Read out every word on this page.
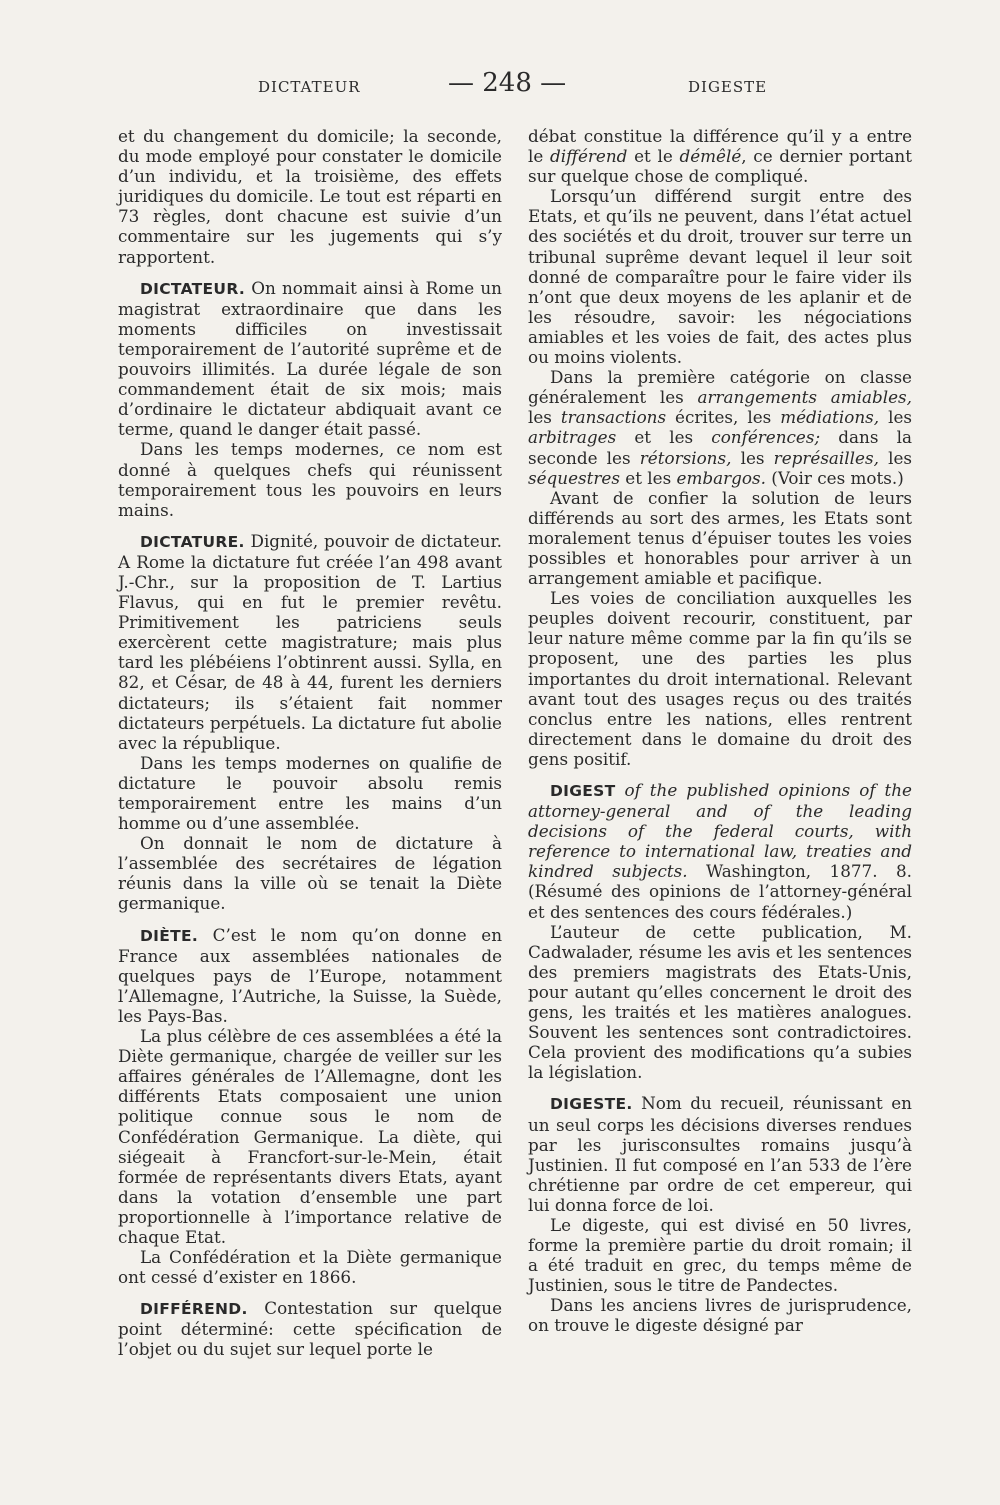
DICTATEUR	— 248 —	DIGESTE

et du changement du domicile; la seconde, du mode employé pour constater le domicile d’un individu, et la troisième, des effets juridiques du domicile. Le tout est réparti en 73 règles, dont chacune est suivie d’un commentaire sur les jugements qui s’y rapportent.

DICTATEUR. On nommait ainsi à Rome un magistrat extraordinaire que dans les moments difficiles on investissait temporairement de l’autorité suprême et de pouvoirs illimités. La durée légale de son commandement était de six mois; mais d’ordinaire le dictateur abdiquait avant ce terme, quand le danger était passé.

Dans les temps modernes, ce nom est donné à quelques chefs qui réunissent temporairement tous les pouvoirs en leurs mains.

DICTATURE. Dignité, pouvoir de dictateur. A Rome la dictature fut créée l’an 498 avant J.-Chr., sur la proposition de T. Lartius Flavus, qui en fut le premier revêtu. Primitivement les patriciens seuls exercèrent cette magistrature; mais plus tard les plébéiens l’obtinrent aussi. Sylla, en 82, et César, de 48 à 44, furent les derniers dictateurs; ils s’étaient fait nommer dictateurs perpétuels. La dictature fut abolie avec la république.

Dans les temps modernes on qualifie de dictature le pouvoir absolu remis temporairement entre les mains d’un homme ou d’une assemblée.

On donnait le nom de dictature à l’assemblée des secrétaires de légation réunis dans la ville où se tenait la Diète germanique.

DIÈTE. C’est le nom qu’on donne en France aux assemblées nationales de quelques pays de l’Europe, notamment l’Allemagne, l’Autriche, la Suisse, la Suède, les Pays-Bas.

La plus célèbre de ces assemblées a été la Diète germanique, chargée de veiller sur les affaires générales de l’Allemagne, dont les différents Etats composaient une union politique connue sous le nom de Confédération Germanique. La diète, qui siégeait à Francfort-sur-le-Mein, était formée de représentants divers Etats, ayant dans la votation d’ensemble une part proportionnelle à l’importance relative de chaque Etat.

La Confédération et la Diète germanique ont cessé d’exister en 1866.

DIFFÉREND. Contestation sur quelque point déterminé: cette spécification de l’objet ou du sujet sur lequel porte le

débat constitue la différence qu’il y a entre le différend et le démêlé, ce dernier portant sur quelque chose de compliqué.

Lorsqu’un différend surgit entre des Etats, et qu’ils ne peuvent, dans l’état actuel des sociétés et du droit, trouver sur terre un tribunal suprême devant lequel il leur soit donné de comparaître pour le faire vider ils n’ont que deux moyens de les aplanir et de les résoudre, savoir: les négociations amiables et les voies de fait, des actes plus ou moins violents.

Dans la première catégorie on classe généralement les arrangements amiables, les transactions écrites, les médiations, les arbitrages et les conférences; dans la seconde les rétorsions, les représailles, les séquestres et les embargos. (Voir ces mots.)

Avant de confier la solution de leurs différends au sort des armes, les Etats sont moralement tenus d’épuiser toutes les voies possibles et honorables pour arriver à un arrangement amiable et pacifique.

Les voies de conciliation auxquelles les peuples doivent recourir, constituent, par leur nature même comme par la fin qu’ils se proposent, une des parties les plus importantes du droit international. Relevant avant tout des usages reçus ou des traités conclus entre les nations, elles rentrent directement dans le domaine du droit des gens positif.

DIGEST of the published opinions of the attorney-general and of the leading decisions of the federal courts, with reference to international law, treaties and kindred subjects. Washington, 1877. 8. (Résumé des opinions de l’attorney-général et des sentences des cours fédérales.)

L’auteur de cette publication, M. Cadwalader, résume les avis et les sentences des premiers magistrats des Etats-Unis, pour autant qu’elles concernent le droit des gens, les traités et les matières analogues. Souvent les sentences sont contradictoires. Cela provient des modifications qu’a subies la législation.

DIGESTE. Nom du recueil, réunissant en un seul corps les décisions diverses rendues par les jurisconsultes romains jusqu’à Justinien. Il fut composé en l’an 533 de l’ère chrétienne par ordre de cet empereur, qui lui donna force de loi.

Le digeste, qui est divisé en 50 livres, forme la première partie du droit romain; il a été traduit en grec, du temps même de Justinien, sous le titre de Pandectes.

Dans les anciens livres de jurisprudence, on trouve le digeste désigné par
